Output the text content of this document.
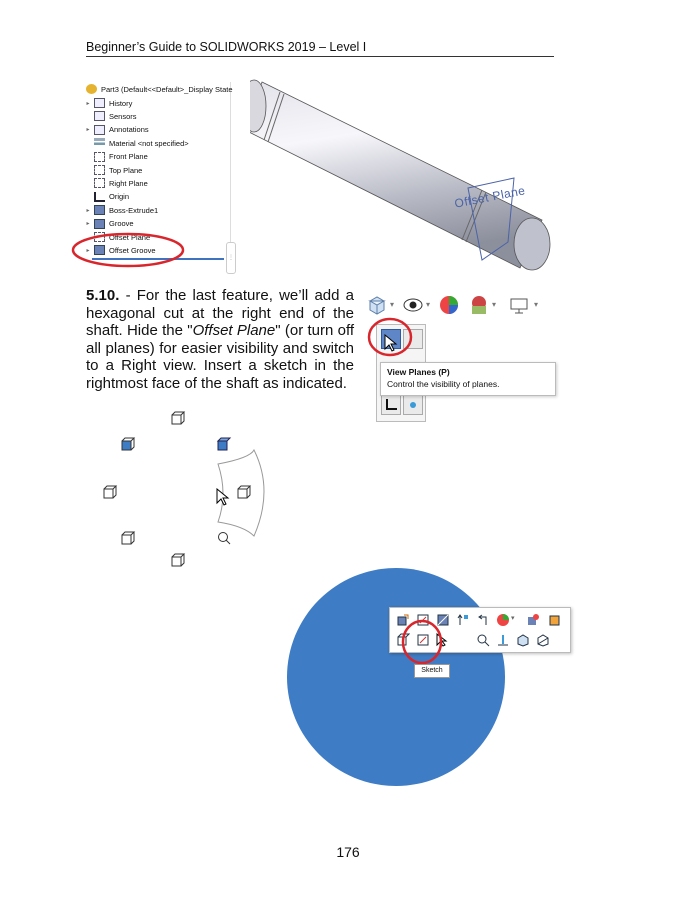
Beginner’s Guide to SOLIDWORKS 2019 – Level I
Part3 (Default<<Default>_Display State
▸	History
Sensors
▸	Annotations
Material <not specified>
Front Plane
Top Plane
Right Plane
Origin
▸	Boss-Extrude1
▸	Groove
Offset Plane
▸	Offset Groove
⋮
Offset Plane
5.10. - For the last feature, we’ll add a hexagonal cut at the right end of the shaft. Hide the "Offset Plane" (or turn off all planes) for easier visibility and switch to a Right view. Insert a sketch in the rightmost face of the shaft as indicated.
▾	▾	▾	▾
View Planes (P)
Control the visibility of planes.
▾
Sketch
176
